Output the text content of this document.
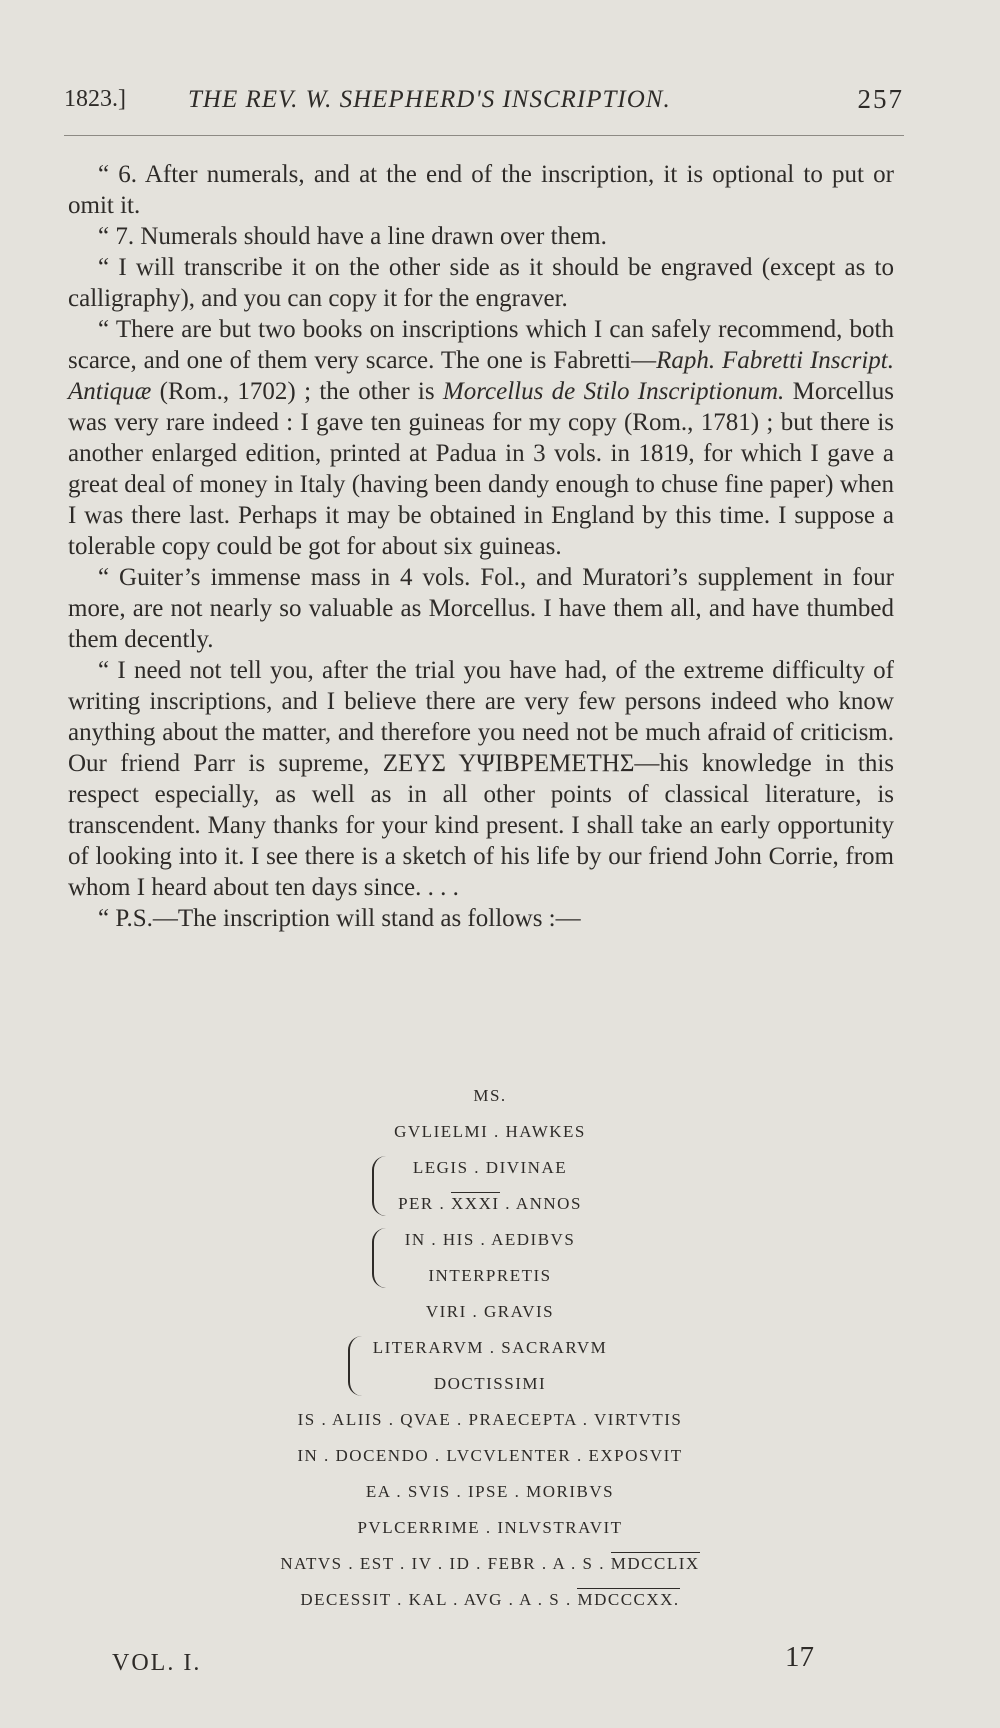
1823.] THE REV. W. SHEPHERD'S INSCRIPTION.	257

“ 6. After numerals, and at the end of the inscription, it is optional to put or omit it.

“ 7. Numerals should have a line drawn over them.

“ I will transcribe it on the other side as it should be engraved (except as to calligraphy), and you can copy it for the engraver.

“ There are but two books on inscriptions which I can safely recommend, both scarce, and one of them very scarce. The one is Fabretti—Raph. Fabretti Inscript. Antiquæ (Rom., 1702) ; the other is Morcellus de Stilo Inscriptionum. Morcellus was very rare indeed : I gave ten guineas for my copy (Rom., 1781) ; but there is another enlarged edition, printed at Padua in 3 vols. in 1819, for which I gave a great deal of money in Italy (having been dandy enough to chuse fine paper) when I was there last. Perhaps it may be obtained in England by this time. I suppose a tolerable copy could be got for about six guineas.

“ Guiter’s immense mass in 4 vols. Fol., and Muratori’s supplement in four more, are not nearly so valuable as Morcellus. I have them all, and have thumbed them decently.

“ I need not tell you, after the trial you have had, of the extreme difficulty of writing inscriptions, and I believe there are very few persons indeed who know anything about the matter, and therefore you need not be much afraid of criticism. Our friend Parr is supreme, ΖΕΥΣ ΥΨΙΒΡΕΜΕΤΗΣ—his knowledge in this respect especially, as well as in all other points of classical literature, is transcendent. Many thanks for your kind present. I shall take an early opportunity of looking into it. I see there is a sketch of his life by our friend John Corrie, from whom I heard about ten days since. . . .

“ P.S.—The inscription will stand as follows :—

MS.
GVLIELMI . HAWKES
LEGIS . DIVINAE
PER . XXXI . ANNOS
IN . HIS . AEDIBVS
INTERPRETIS
VIRI . GRAVIS
LITERARVM . SACRARVM
DOCTISSIMI
IS . ALIIS . QVAE . PRAECEPTA . VIRTVTIS
IN . DOCENDO . LVCVLENTER . EXPOSVIT
EA . SVIS . IPSE . MORIBVS
PVLCERRIME . INLVSTRAVIT
NATVS . EST . IV . ID . FEBR . A . S . MDCCLIX
DECESSIT . KAL . AVG . A . S . MDCCCXX.
VOL. I.	17
